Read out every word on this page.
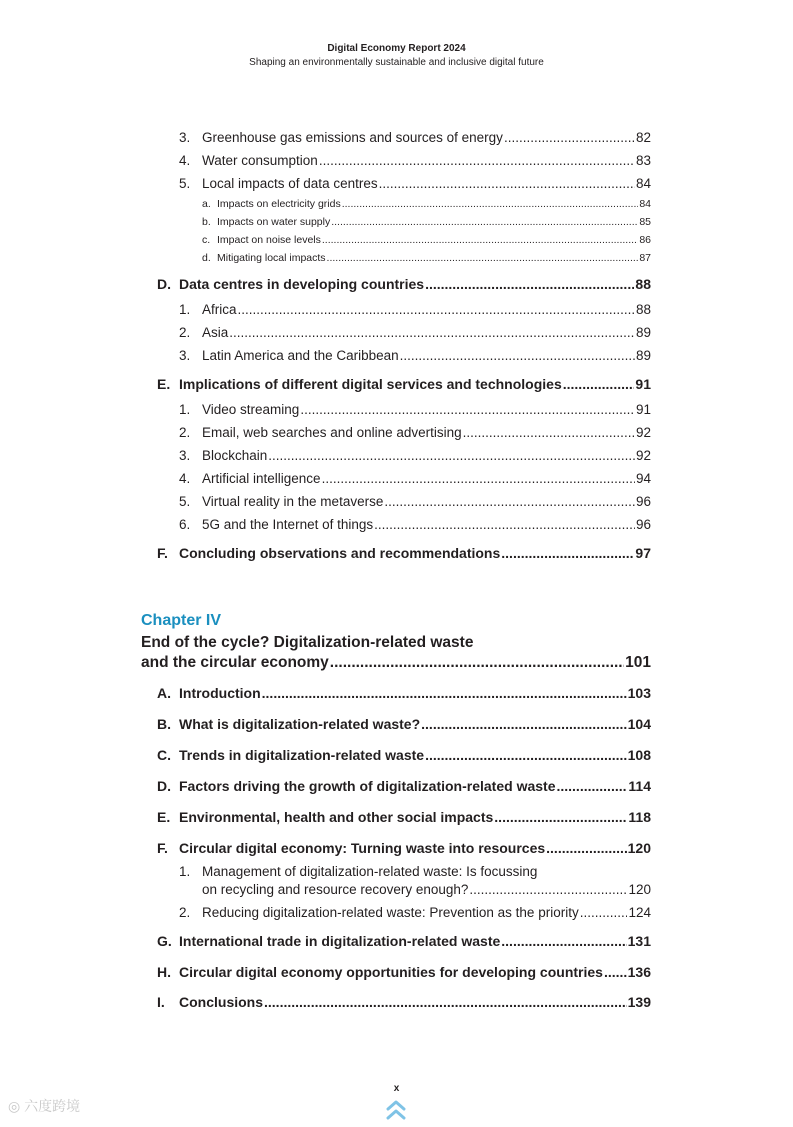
Digital Economy Report 2024
Shaping an environmentally sustainable and inclusive digital future
3. Greenhouse gas emissions and sources of energy .....	82
4. Water consumption .....	83
5. Local impacts of data centres .....	84
a. Impacts on electricity grids .....	84
b. Impacts on water supply .....	85
c. Impact on noise levels .....	86
d. Mitigating local impacts .....	87
D. Data centres in developing countries .....	88
1. Africa .....	88
2. Asia .....	89
3. Latin America and the Caribbean .....	89
E. Implications of different digital services and technologies .....	91
1. Video streaming .....	91
2. Email, web searches and online advertising .....	92
3. Blockchain .....	92
4. Artificial intelligence .....	94
5. Virtual reality in the metaverse .....	96
6. 5G and the Internet of things .....	96
F. Concluding observations and recommendations .....	97
Chapter IV
End of the cycle? Digitalization-related waste
and the circular economy .....	101
A. Introduction .....	103
B. What is digitalization-related waste? .....	104
C. Trends in digitalization-related waste .....	108
D. Factors driving the growth of digitalization-related waste .....	114
E. Environmental, health and other social impacts .....	118
F. Circular digital economy: Turning waste into resources .....	120
1. Management of digitalization-related waste: Is focussing
on recycling and resource recovery enough? .....	120
2. Reducing digitalization-related waste: Prevention as the priority .....	124
G. International trade in digitalization-related waste .....	131
H. Circular digital economy opportunities for developing countries ..... 136
I.	Conclusions .....	139
x
◎ 六度跨境
